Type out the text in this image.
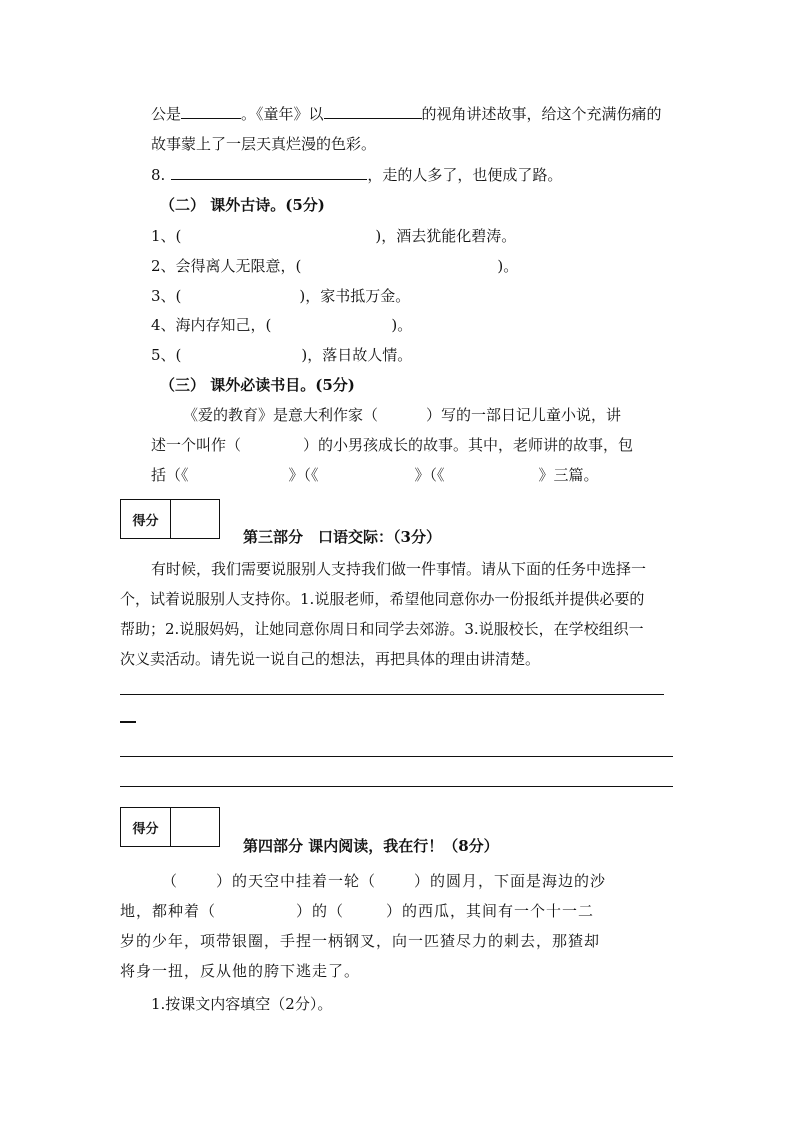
公是	。《童年》以	的视角讲述故事，给这个充满伤痛的
故事蒙上了一层天真烂漫的色彩。
8.	，走的人多了，也便成了路。
（二） 课外古诗。(5分)
1、(	)，酒去犹能化碧涛。
2、会得离人无限意，(	)。
3、(	)，家书抵万金。
4、海内存知己，(	)。
5、(	)，落日故人情。
（三） 课外必读书目。(5分)
《爱的教育》是意大利作家（	）写的一部日记儿童小说，讲
述一个叫作（	）的小男孩成长的故事。其中，老师讲的故事，包
括（《	》（《	》（《	》三篇。
得分
第三部分　口语交际：（3分）
有时候，我们需要说服别人支持我们做一件事情。请从下面的任务中选择一
个，试着说服别人支持你。1.说服老师，希望他同意你办一份报纸并提供必要的
帮助；2.说服妈妈，让她同意你周日和同学去郊游。3.说服校长，在学校组织一
次义卖活动。请先说一说自己的想法，再把具体的理由讲清楚。
得分
第四部分 课内阅读，我在行！（8分）
（	）的天空中挂着一轮（	）的圆月，下面是海边的沙
地，都种着（	）的（	）的西瓜，其间有一个十一二
岁的少年，项带银圈，手捏一柄钢叉，向一匹猹尽力的刺去，那猹却
将身一扭，反从他的胯下逃走了。
1.按课文内容填空（2分）。
